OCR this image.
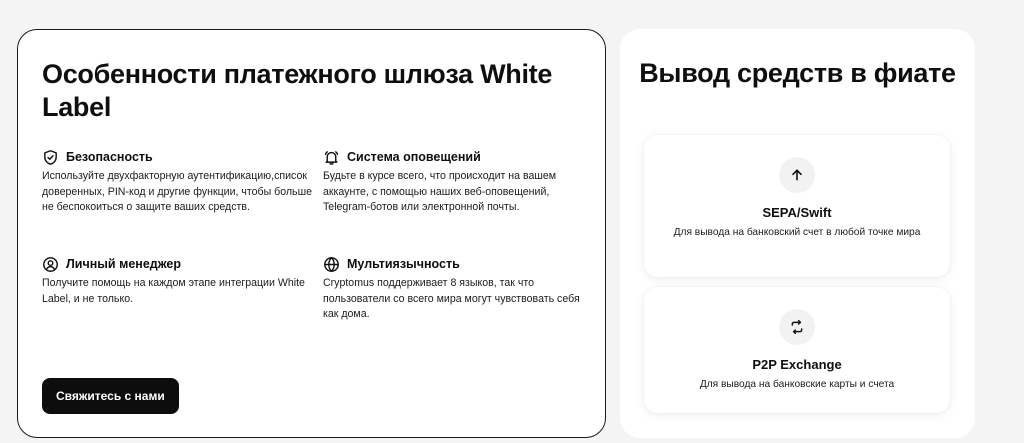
Особенности платежного шлюза White Label
Безопасность

Используйте двухфакторную аутентификацию,список доверенных, PIN-код и другие функции, чтобы больше не беспокоиться о защите ваших средств.

Система оповещений

Будьте в курсе всего, что происходит на вашем аккаунте, с помощью наших веб-оповещений, Telegram-ботов или электронной почты.

Личный менеджер

Получите помощь на каждом этапе интеграции White Label, и не только.

Мультиязычность

Cryptomus поддерживает 8 языков, так что пользователи со всего мира могут чувствовать себя как дома.

Свяжитесь с нами
Вывод средств в фиате
SEPA/Swift
Для вывода на банковский счет в любой точке мира
P2P Exchange
Для вывода на банковские карты и счета
